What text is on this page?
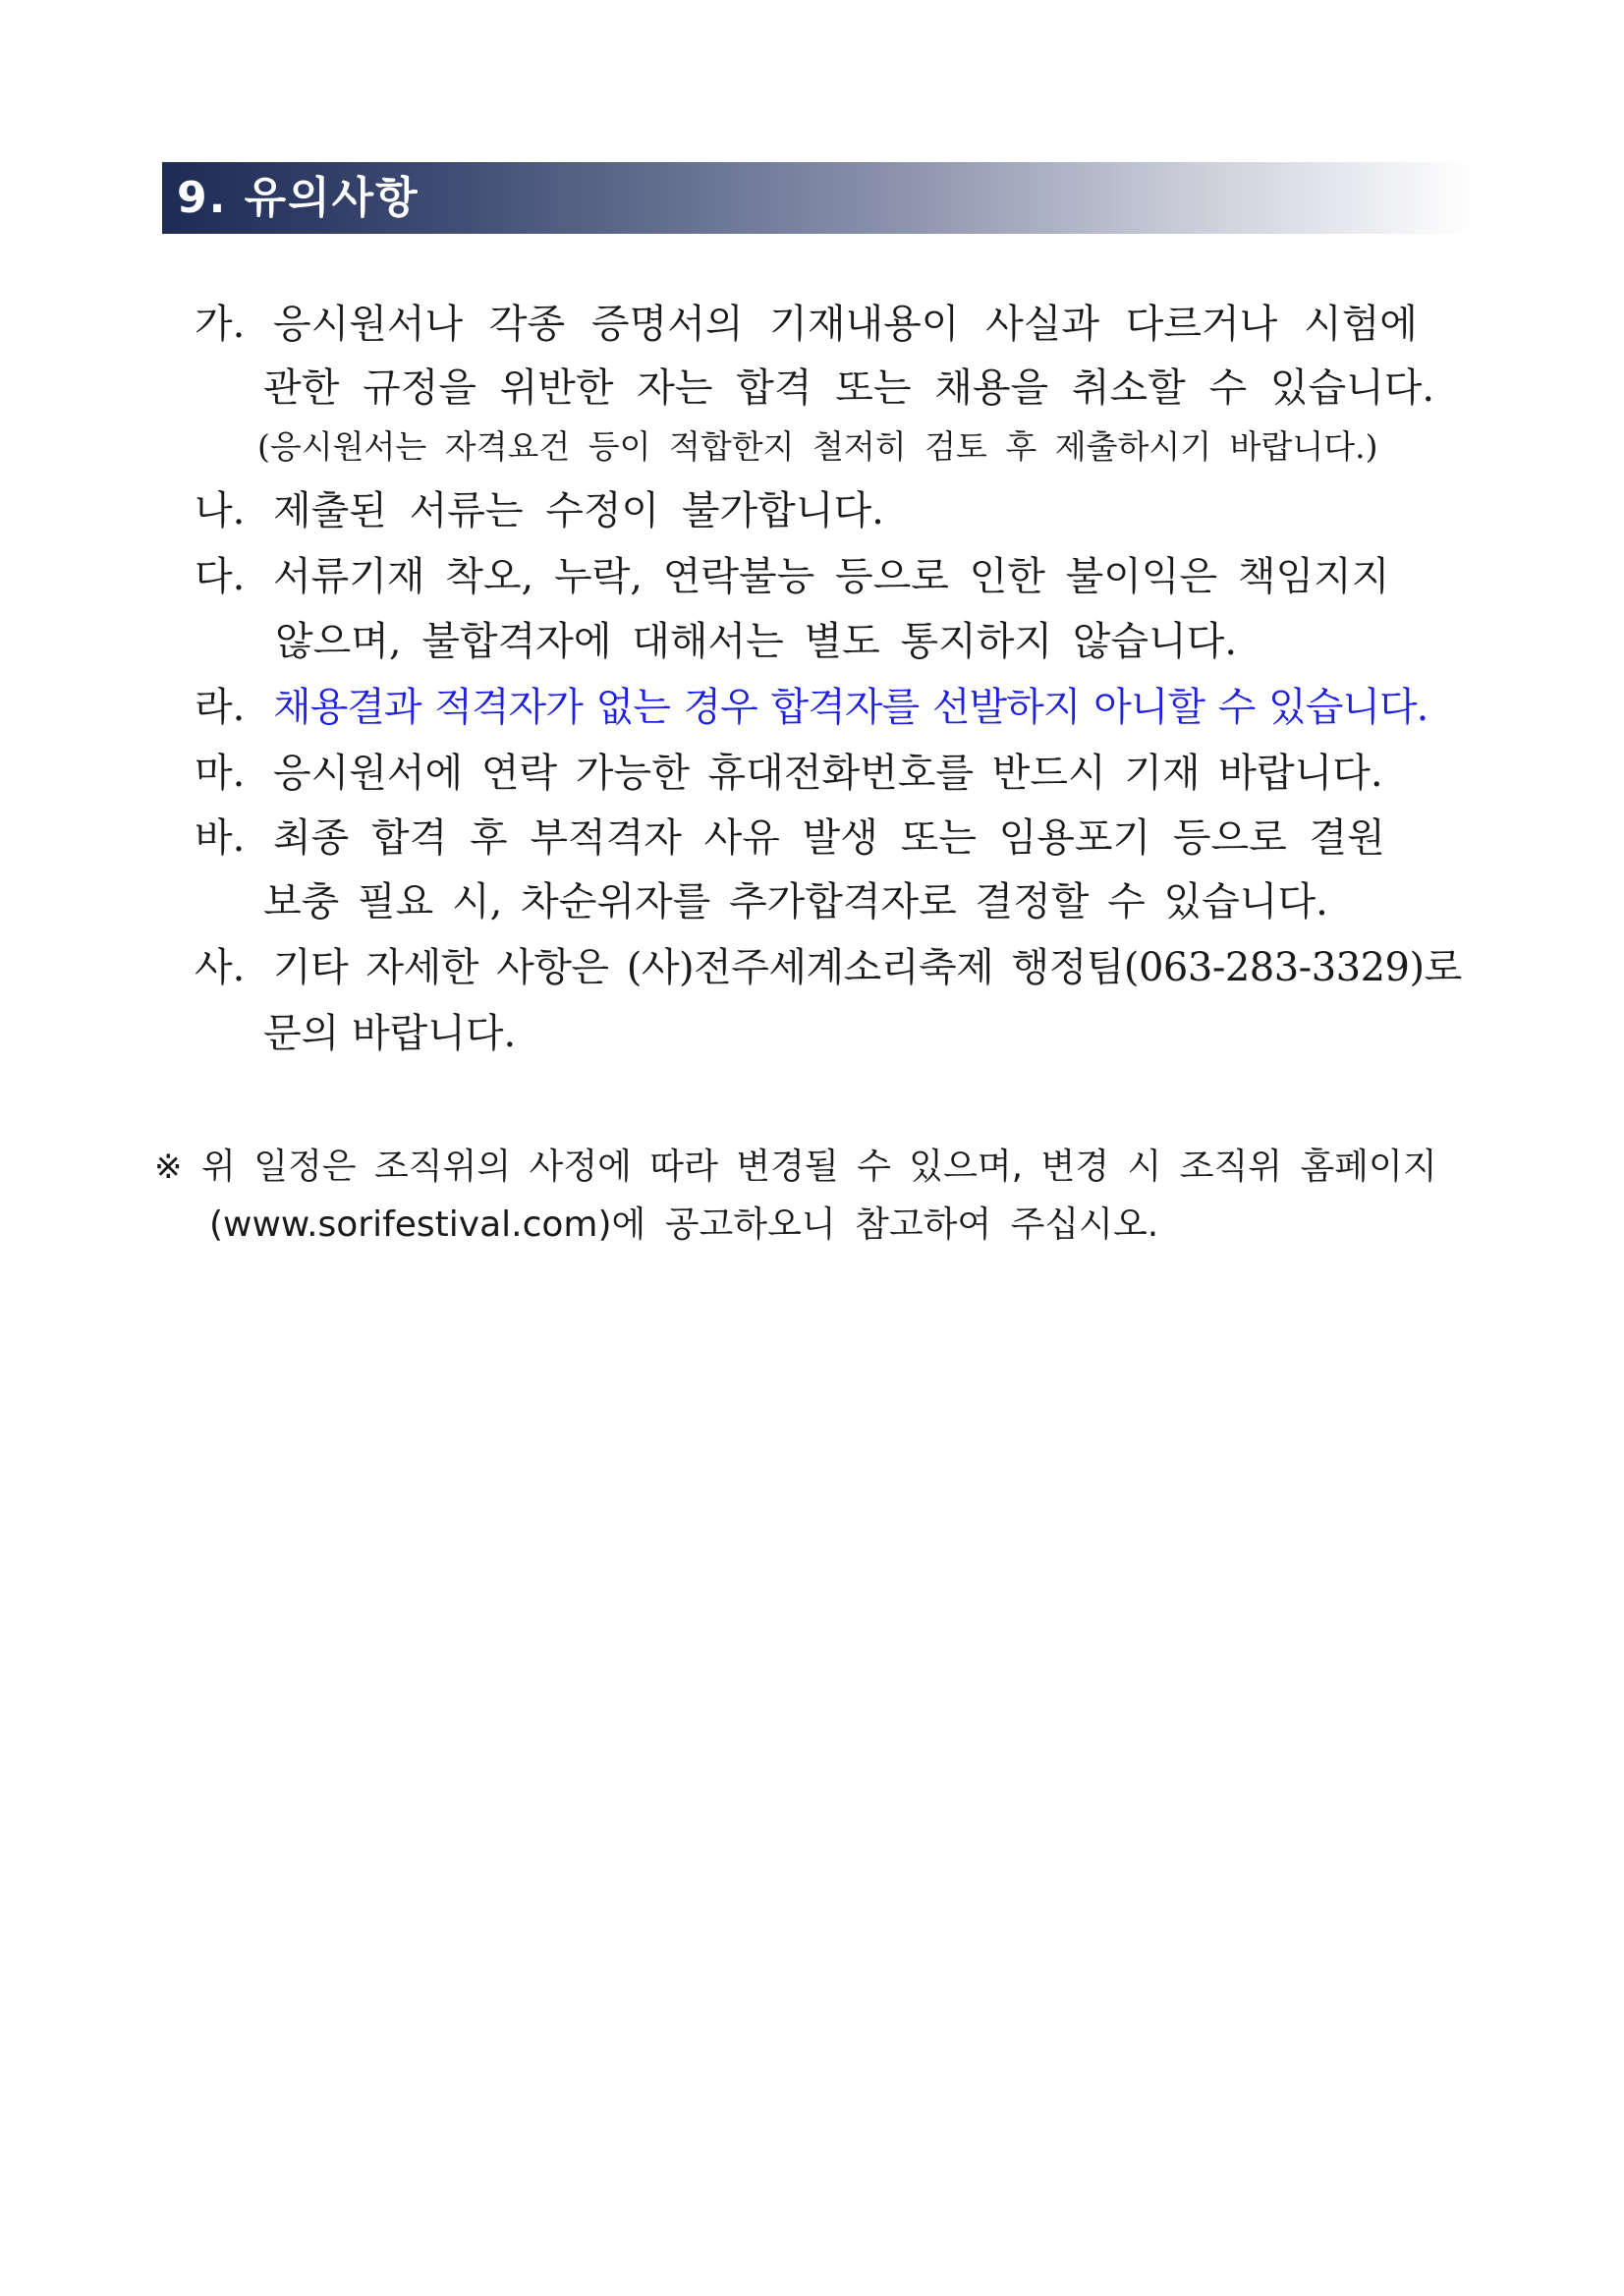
9. 유의사항
가. 응시원서나 각종 증명서의 기재내용이 사실과 다르거나 시험에
관한 규정을 위반한 자는 합격 또는 채용을 취소할 수 있습니다.
(응시원서는 자격요건 등이 적합한지 철저히 검토 후 제출하시기 바랍니다.)
나. 제출된 서류는 수정이 불가합니다.
다. 서류기재 착오, 누락, 연락불능 등으로 인한 불이익은 책임지지
않으며, 불합격자에 대해서는 별도 통지하지 않습니다.
라. 채용결과 적격자가 없는 경우 합격자를 선발하지 아니할 수 있습니다.
마. 응시원서에 연락 가능한 휴대전화번호를 반드시 기재 바랍니다.
바. 최종 합격 후 부적격자 사유 발생 또는 임용포기 등으로 결원
보충 필요 시, 차순위자를 추가합격자로 결정할 수 있습니다.
사. 기타 자세한 사항은 (사)전주세계소리축제 행정팀(063-283-3329)로
문의 바랍니다.
※ 위 일정은 조직위의 사정에 따라 변경될 수 있으며, 변경 시 조직위 홈페이지
(www.sorifestival.com)에 공고하오니 참고하여 주십시오.
